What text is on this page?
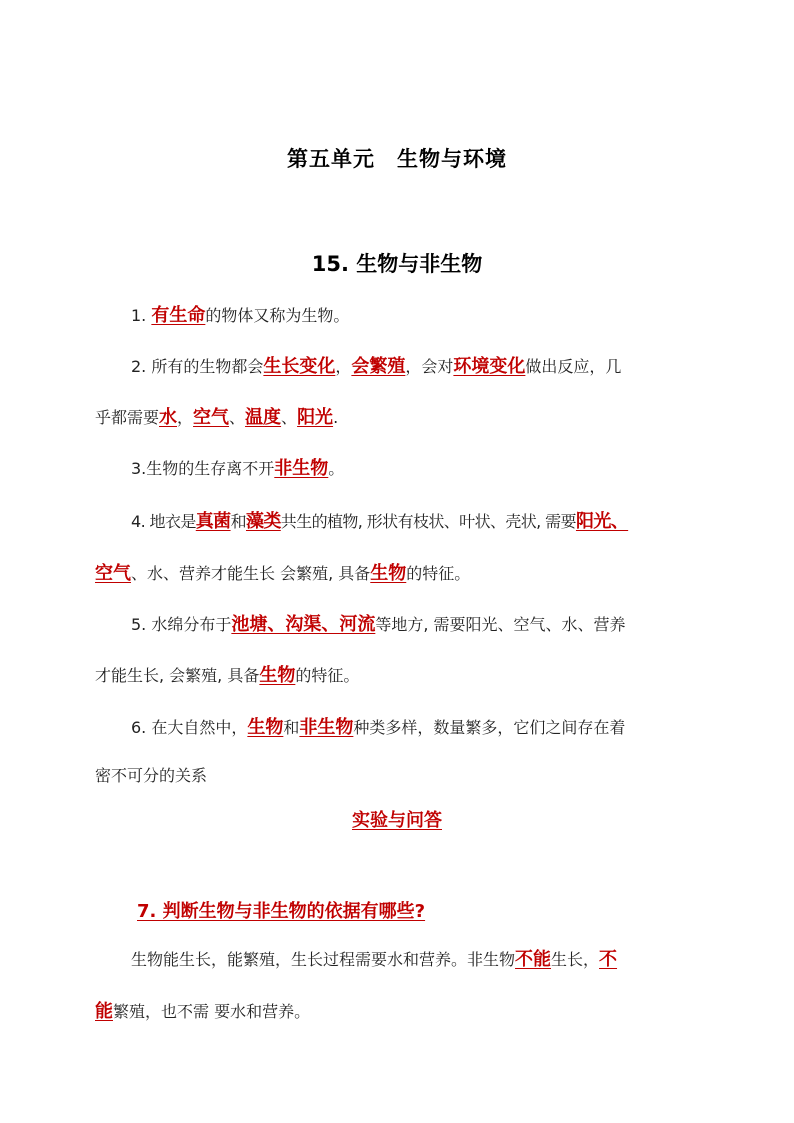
第五单元 生物与环境
15. 生物与非生物
1. 有生命的物体又称为生物。
2. 所有的生物都会生长变化，会繁殖，会对环境变化做出反应，几
乎都需要水，空气、温度、阳光.
3.生物的生存离不开非生物。
4. 地衣是真菌和藻类共生的植物, 形状有枝状、叶状、壳状, 需要阳光、
空气、水、营养才能生长 会繁殖, 具备生物的特征。
5. 水绵分布于池塘、沟渠、河流等地方, 需要阳光、空气、水、营养
才能生长, 会繁殖, 具备生物的特征。
6. 在大自然中，生物和非生物种类多样，数量繁多，它们之间存在着
密不可分的关系
实验与问答
7. 判断生物与非生物的依据有哪些?
生物能生长，能繁殖，生长过程需要水和营养。非生物不能生长，不
能繁殖，也不需 要水和营养。
